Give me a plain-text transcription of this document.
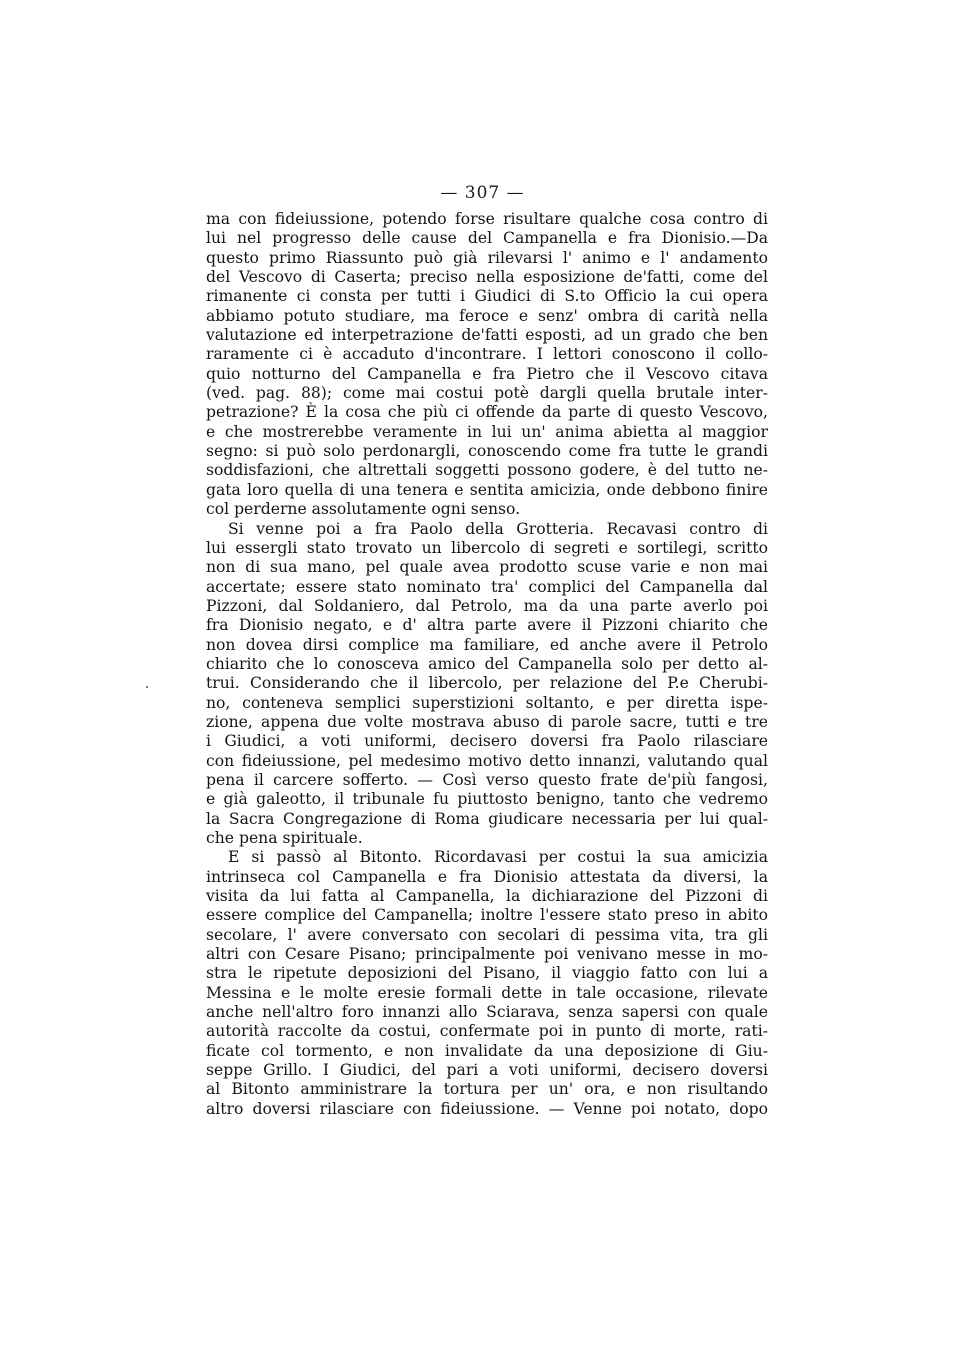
— 307 —
ma con fideiussione, potendo forse risultare qualche cosa contro di
lui nel progresso delle cause del Campanella e fra Dionisio.—Da
questo primo Riassunto può già rilevarsi l' animo e l' andamento
del Vescovo di Caserta; preciso nella esposizione de'fatti, come del
rimanente ci consta per tutti i Giudici di S.to Officio la cui opera
abbiamo potuto studiare, ma feroce e senz' ombra di carità nella
valutazione ed interpetrazione de'fatti esposti, ad un grado che ben
raramente ci è accaduto d'incontrare. I lettori conoscono il collo-
quio notturno del Campanella e fra Pietro che il Vescovo citava
(ved. pag. 88); come mai costui potè dargli quella brutale inter-
petrazione? È la cosa che più ci offende da parte di questo Vescovo,
e che mostrerebbe veramente in lui un' anima abietta al maggior
segno: si può solo perdonargli, conoscendo come fra tutte le grandi
soddisfazioni, che altrettali soggetti possono godere, è del tutto ne-
gata loro quella di una tenera e sentita amicizia, onde debbono finire
col perderne assolutamente ogni senso.
Si venne poi a fra Paolo della Grotteria. Recavasi contro di
lui essergli stato trovato un libercolo di segreti e sortilegi, scritto
non di sua mano, pel quale avea prodotto scuse varie e non mai
accertate; essere stato nominato tra' complici del Campanella dal
Pizzoni, dal Soldaniero, dal Petrolo, ma da una parte averlo poi
fra Dionisio negato, e d' altra parte avere il Pizzoni chiarito che
non dovea dirsi complice ma familiare, ed anche avere il Petrolo
chiarito che lo conosceva amico del Campanella solo per detto al-
trui. Considerando che il libercolo, per relazione del P.e Cherubi-
no, conteneva semplici superstizioni soltanto, e per diretta ispe-
zione, appena due volte mostrava abuso di parole sacre, tutti e tre
i Giudici, a voti uniformi, decisero doversi fra Paolo rilasciare
con fideiussione, pel medesimo motivo detto innanzi, valutando qual
pena il carcere sofferto. — Così verso questo frate de'più fangosi,
e già galeotto, il tribunale fu piuttosto benigno, tanto che vedremo
la Sacra Congregazione di Roma giudicare necessaria per lui qual-
che pena spirituale.
E si passò al Bitonto. Ricordavasi per costui la sua amicizia
intrinseca col Campanella e fra Dionisio attestata da diversi, la
visita da lui fatta al Campanella, la dichiarazione del Pizzoni di
essere complice del Campanella; inoltre l'essere stato preso in abito
secolare, l' avere conversato con secolari di pessima vita, tra gli
altri con Cesare Pisano; principalmente poi venivano messe in mo-
stra le ripetute deposizioni del Pisano, il viaggio fatto con lui a
Messina e le molte eresie formali dette in tale occasione, rilevate
anche nell'altro foro innanzi allo Sciarava, senza sapersi con quale
autorità raccolte da costui, confermate poi in punto di morte, rati-
ficate col tormento, e non invalidate da una deposizione di Giu-
seppe Grillo. I Giudici, del pari a voti uniformi, decisero doversi
al Bitonto amministrare la tortura per un' ora, e non risultando
altro doversi rilasciare con fideiussione. — Venne poi notato, dopo
